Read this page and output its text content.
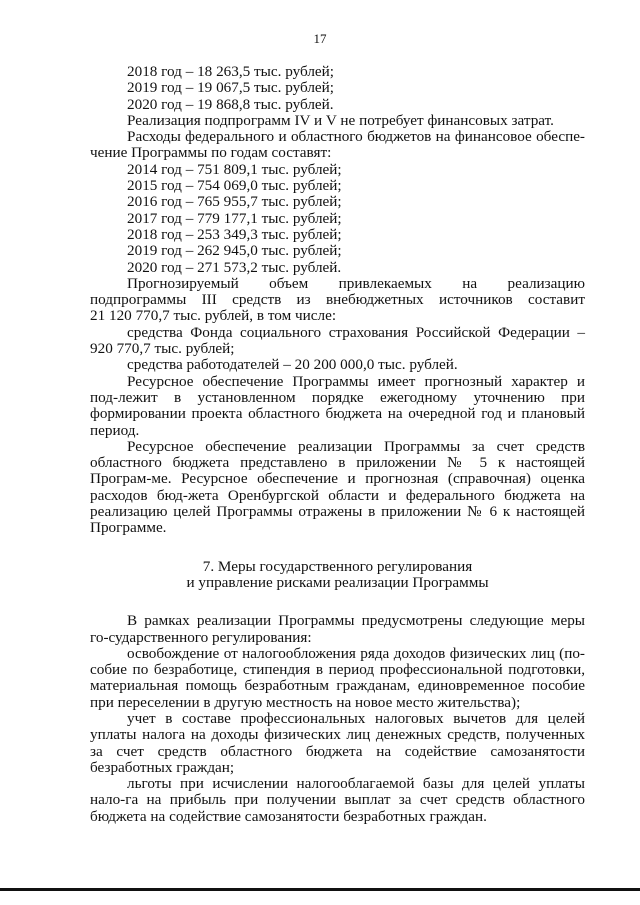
17

2018 год – 18 263,5 тыс. рублей;

2019 год – 19 067,5 тыс. рублей;

2020 год – 19 868,8 тыс. рублей.

Реализация подпрограмм IV и V не потребует финансовых затрат.

Расходы федерального и областного бюджетов на финансовое обеспе-чение Программы по годам составят:

2014 год – 751 809,1 тыс. рублей;

2015 год – 754 069,0 тыс. рублей;

2016 год – 765 955,7 тыс. рублей;

2017 год – 779 177,1 тыс. рублей;

2018 год – 253 349,3 тыс. рублей;

2019 год – 262 945,0 тыс. рублей;

2020 год – 271 573,2 тыс. рублей.

Прогнозируемый объем привлекаемых на реализацию

подпрограммы III средств из внебюджетных источников составит

21 120 770,7 тыс. рублей, в том числе:

средства Фонда социального страхования Российской Федерации – 920 770,7 тыс. рублей;

средства работодателей – 20 200 000,0 тыс. рублей.

Ресурсное обеспечение Программы имеет прогнозный характер и под-лежит в установленном порядке ежегодному уточнению при формировании проекта областного бюджета на очередной год и плановый период.

Ресурсное обеспечение реализации Программы за счет средств областного бюджета представлено в приложении № 5 к настоящей Програм-ме. Ресурсное обеспечение и прогнозная (справочная) оценка расходов бюд-жета Оренбургской области и федерального бюджета на реализацию целей Программы отражены в приложении № 6 к настоящей Программе.

7. Меры государственного регулирования

и управление рисками реализации Программы

В рамках реализации Программы предусмотрены следующие меры го-сударственного регулирования:

освобождение от налогообложения ряда доходов физических лиц (по-собие по безработице, стипендия в период профессиональной подготовки, материальная помощь безработным гражданам, единовременное пособие при переселении в другую местность на новое место жительства);

учет в составе профессиональных налоговых вычетов для целей уплаты налога на доходы физических лиц денежных средств, полученных за счет средств областного бюджета на содействие самозанятости безработных граждан;

льготы при исчислении налогооблагаемой базы для целей уплаты нало-га на прибыль при получении выплат за счет средств областного бюджета на содействие самозанятости безработных граждан.
